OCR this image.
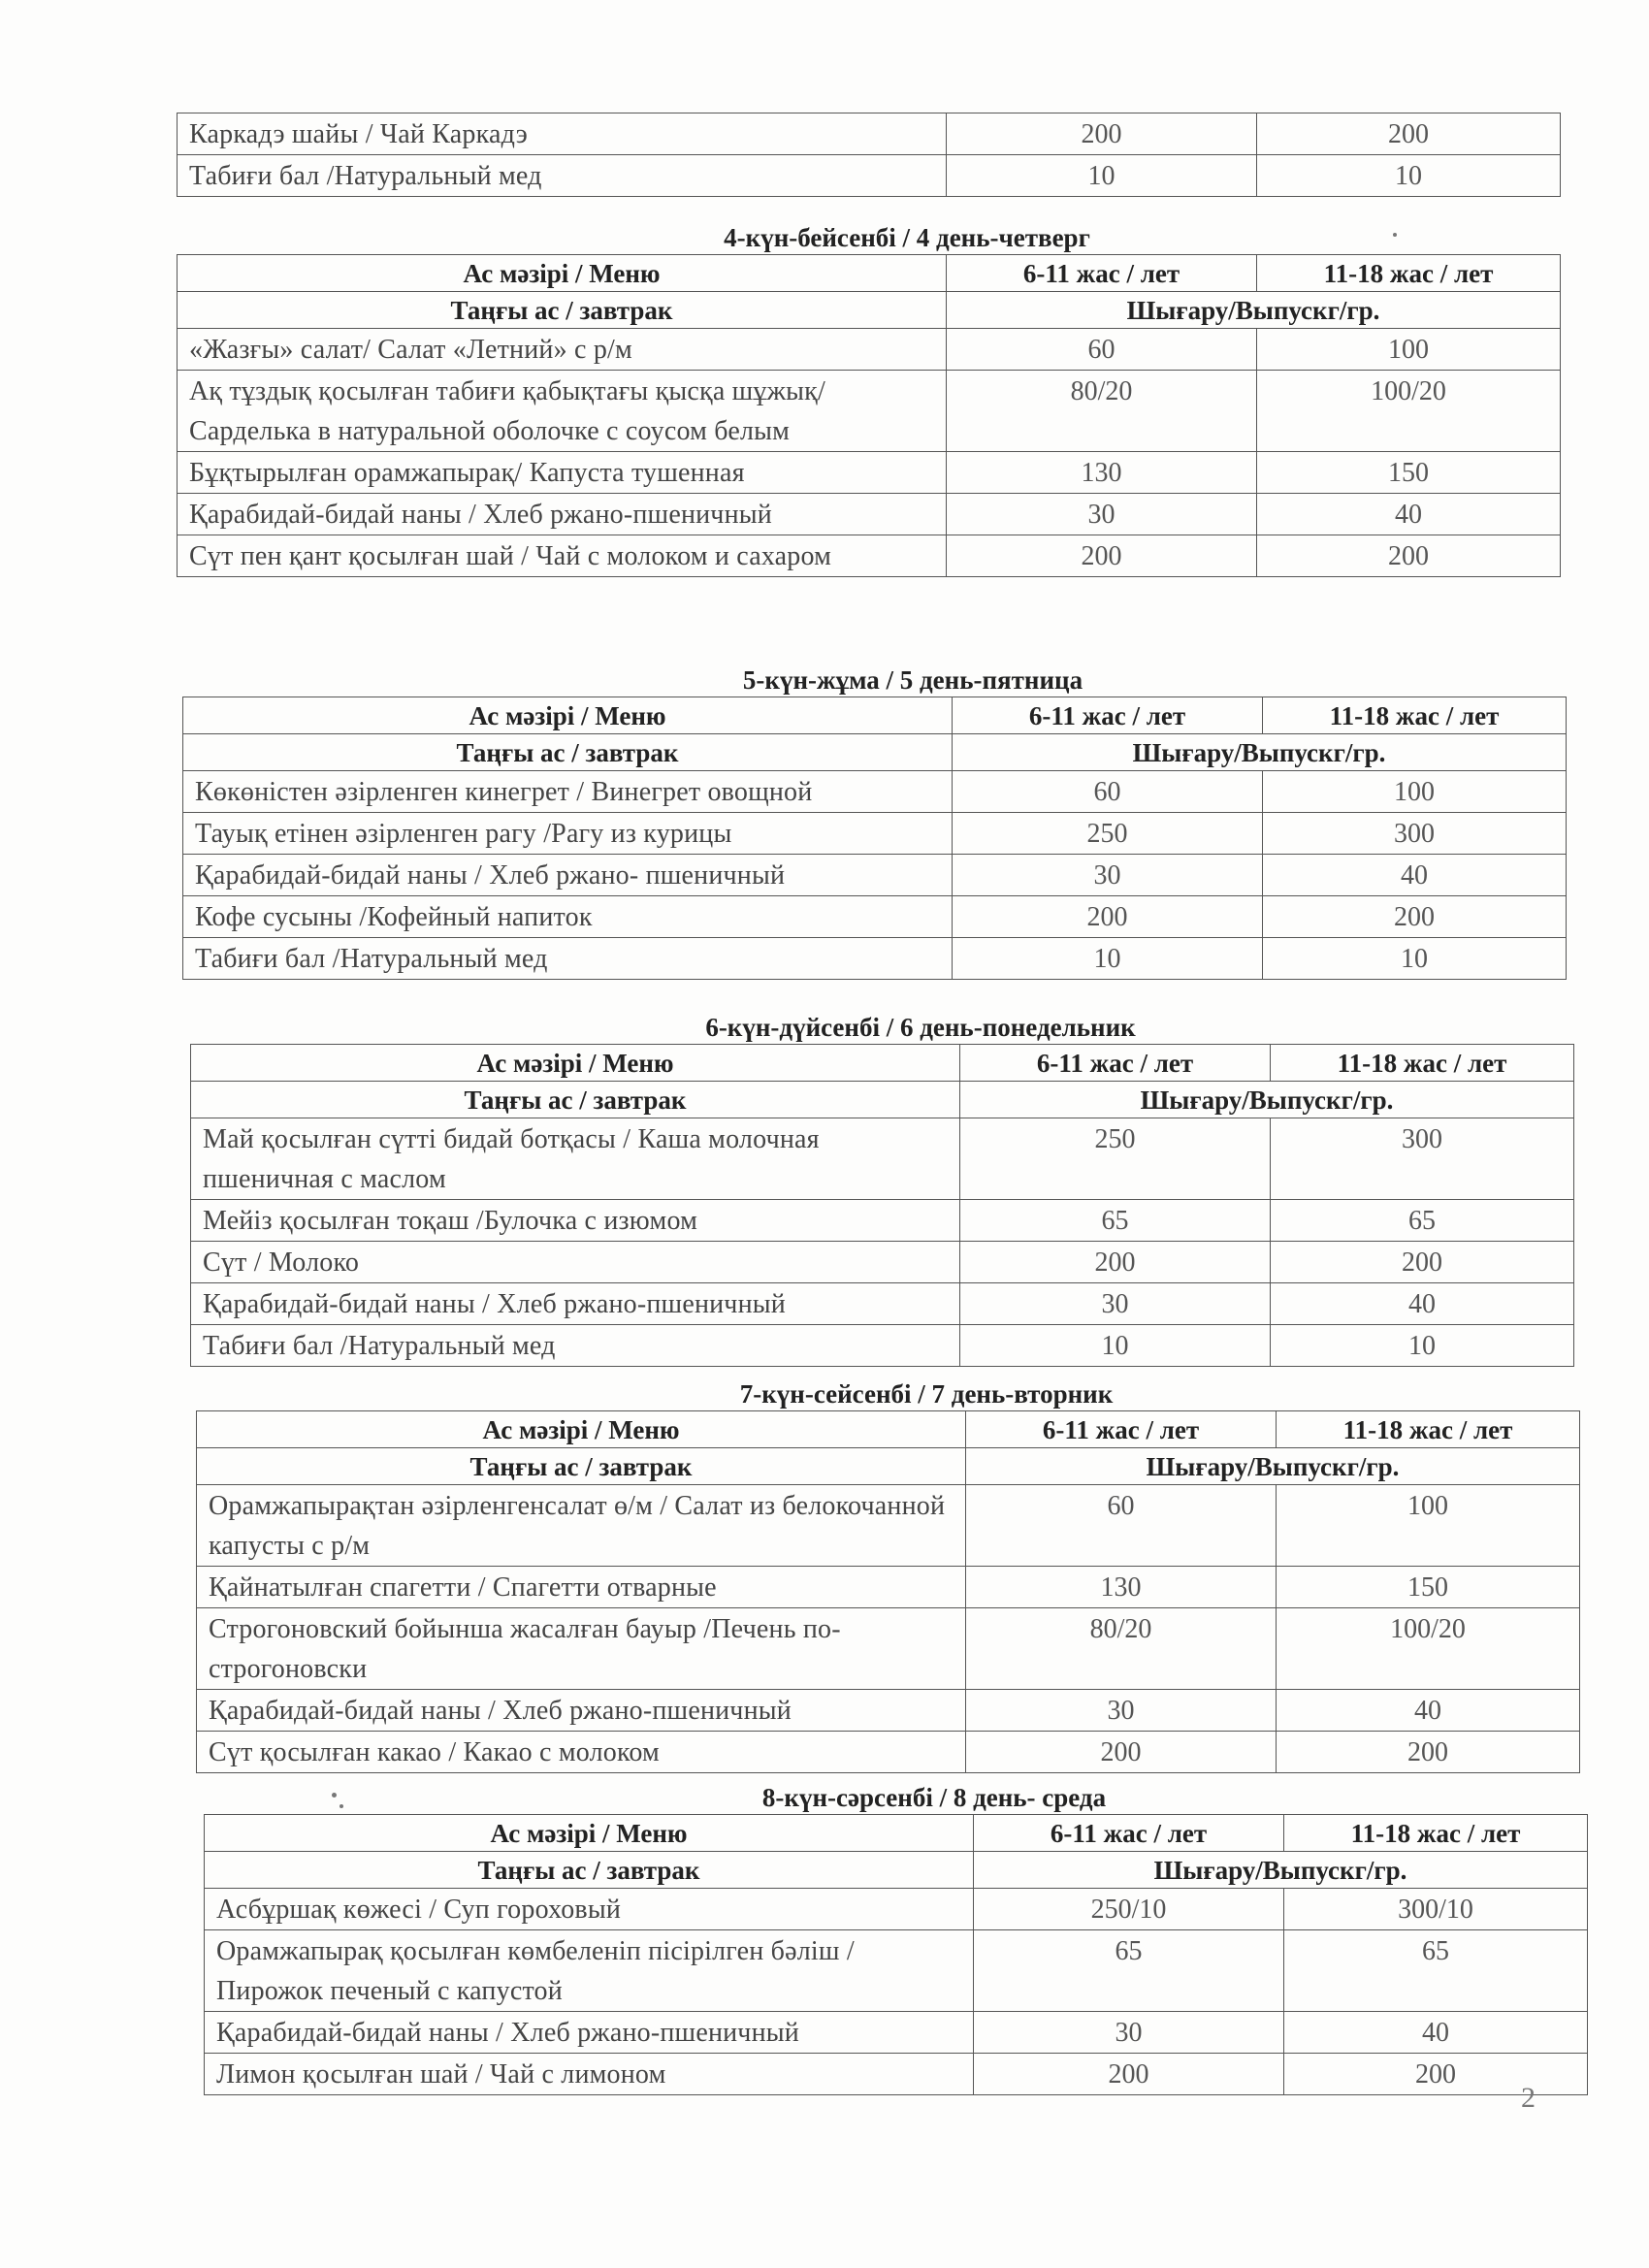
Каркадэ шайы / Чай Каркадэ	200	200
Табиғи бал /Натуральный мед	10	10
4-күн-бейсенбі / 4 день-четверг
Ас мәзірі / Меню	6-11 жас / лет	11-18 жас / лет
Таңғы ас / завтрак	Шығару/Выпускг/гр.	
«Жазғы» салат/ Салат «Летний» с р/м	60	100
Ақ тұздық қосылған табиғи қабықтағы қысқа шұжық/ Сарделька в натуральной оболочке с соусом белым	80/20	100/20
Бұқтырылған орамжапырақ/ Капуста тушенная	130	150
Қарабидай-бидай наны / Хлеб ржано-пшеничный	30	40
Сүт пен қант қосылған шай / Чай с молоком и сахаром	200	200
5-күн-жұма / 5 день-пятница
Ас мәзірі / Меню	6-11 жас / лет	11-18 жас / лет
Таңғы ас / завтрак	Шығару/Выпускг/гр.	
Көкөністен әзірленген кинегрет / Винегрет овощной	60	100
Тауық етінен әзірленген рагу /Рагу из курицы	250	300
Қарабидай-бидай наны / Хлеб ржано- пшеничный	30	40
Кофе сусыны /Кофейный напиток	200	200
Табиғи бал /Натуральный мед	10	10
6-күн-дүйсенбі / 6 день-понедельник
Ас мәзірі / Меню	6-11 жас / лет	11-18 жас / лет
Таңғы ас / завтрак	Шығару/Выпускг/гр.	
Май қосылған сүтті бидай ботқасы / Каша молочная пшеничная с маслом	250	300
Мейіз қосылған тоқаш /Булочка с изюмом	65	65
Сүт / Молоко	200	200
Қарабидай-бидай наны / Хлеб ржано-пшеничный	30	40
Табиғи бал /Натуральный мед	10	10
7-күн-сейсенбі / 7 день-вторник
Ас мәзірі / Меню	6-11 жас / лет	11-18 жас / лет
Таңғы ас / завтрак	Шығару/Выпускг/гр.	
Орамжапырақтан әзірленгенсалат ө/м / Салат из белокочанной капусты с р/м	60	100
Қайнатылған спагетти / Спагетти отварные	130	150
Строгоновский бойынша жасалған бауыр /Печень по-строгоновски	80/20	100/20
Қарабидай-бидай наны / Хлеб ржано-пшеничный	30	40
Сүт қосылған какао / Какао с молоком	200	200
8-күн-сәрсенбі / 8 день- среда
Ас мәзірі / Меню	6-11 жас / лет	11-18 жас / лет
Таңғы ас / завтрак	Шығару/Выпускг/гр.	
Асбұршақ көжесі / Суп гороховый	250/10	300/10
Орамжапырақ қосылған көмбеленіп пісірілген бәліш / Пирожок печеный с капустой	65	65
Қарабидай-бидай наны / Хлеб ржано-пшеничный	30	40
Лимон қосылған шай / Чай с лимоном	200	200
2
